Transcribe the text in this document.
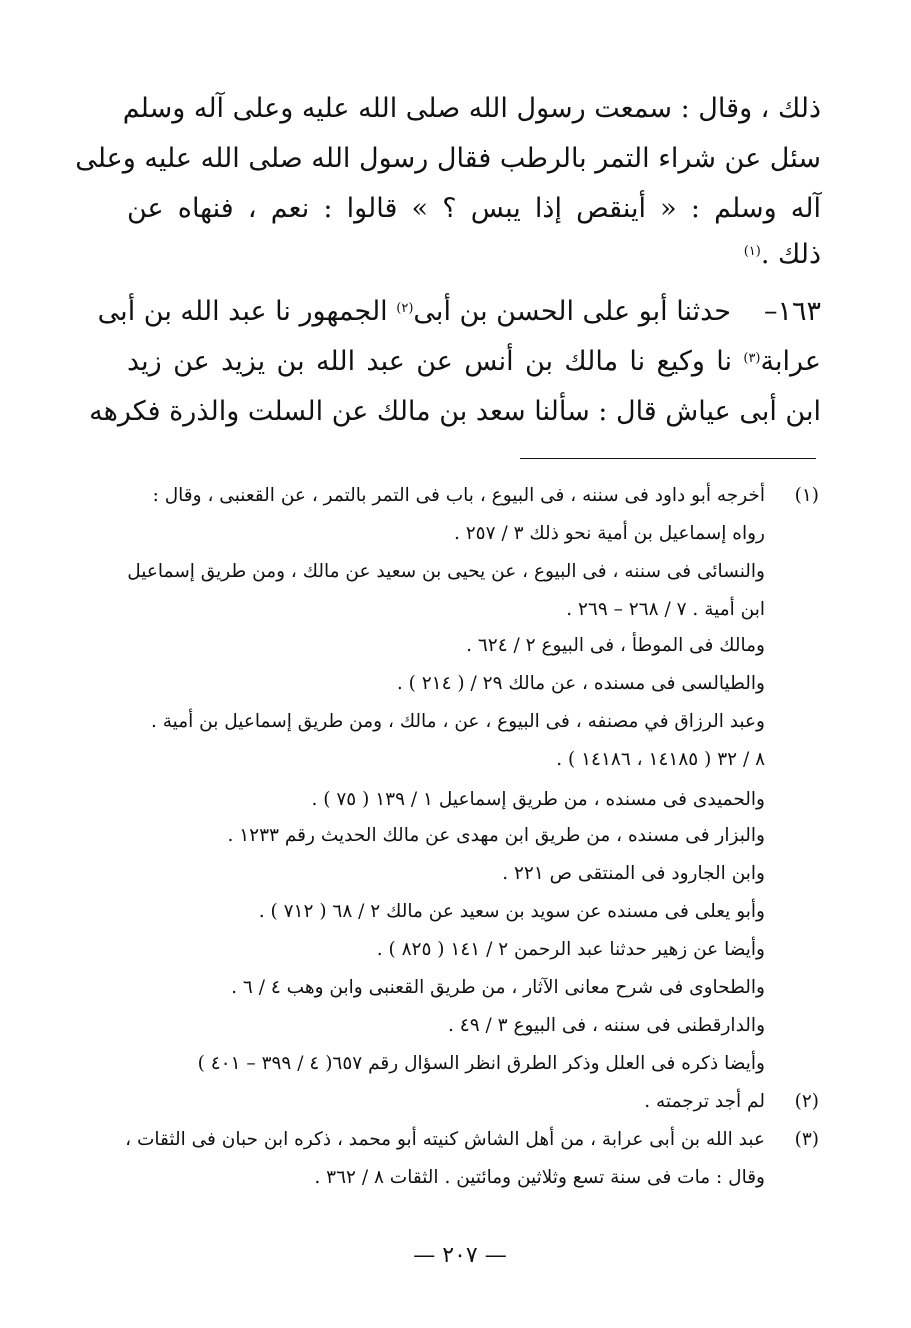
ذلك ، وقال : سمعت رسول الله صلى الله عليه وعلى آله وسلم
سئل عن شراء التمر بالرطب فقال رسول الله صلى الله عليه وعلى
آله وسلم : « أينقص إذا يبس ؟ » قالوا : نعم ، فنهاه عن
ذلك .$^{(١)}$
١٦٣–
حدثنا أبو على الحسن بن أبى$^{(٢)}$ الجمهور نا عبد الله بن أبى
عرابة$^{(٣)}$ نا وكيع نا مالك بن أنس عن عبد الله بن يزيد عن زيد
ابن أبى عياش قال : سألنا سعد بن مالك عن السلت والذرة فكرهه
(١)
أخرجه أبو داود فى سننه ، فى البيوع ، باب فى التمر بالتمر ، عن القعنبى ، وقال :
رواه إسماعيل بن أمية نحو ذلك ٣ / ٢٥٧ .
والنسائى فى سننه ، فى البيوع ، عن يحيى بن سعيد عن مالك ، ومن طريق إسماعيل
ابن أمية . ٧ / ٢٦٨ – ٢٦٩ .
ومالك فى الموطأ ، فى البيوع ٢ / ٦٢٤ .
والطيالسى فى مسنده ، عن مالك ٢٩ / ( ٢١٤ ) .
وعبد الرزاق في مصنفه ، فى البيوع ، عن ، مالك ، ومن طريق إسماعيل بن أمية .
٨ / ٣٢ ( ١٤١٨٥ ، ١٤١٨٦ ) .
والحميدى فى مسنده ، من طريق إسماعيل ١ / ١٣٩ ( ٧٥ ) .
والبزار فى مسنده ، من طريق ابن مهدى عن مالك الحديث رقم ١٢٣٣ .
وابن الجارود فى المنتقى ص ٢٢١ .
وأبو يعلى فى مسنده عن سويد بن سعيد عن مالك ٢ / ٦٨ ( ٧١٢ ) .
وأيضا عن زهير حدثنا عبد الرحمن ٢ / ١٤١ ( ٨٢٥ ) .
والطحاوى فى شرح معانى الآثار ، من طريق القعنبى وابن وهب ٤ / ٦ .
والدارقطنى فى سننه ، فى البيوع ٣ / ٤٩ .
وأيضا ذكره فى العلل وذكر الطرق انظر السؤال رقم ٦٥٧( ٤ / ٣٩٩ – ٤٠١ )
(٢)
لم أجد ترجمته .
(٣)
عبد الله بن أبى عرابة ، من أهل الشاش كنيته أبو محمد ، ذكره ابن حبان فى الثقات ،
وقال : مات فى سنة تسع وثلاثين ومائتين . الثقات ٨ / ٣٦٢ .
— ٢٠٧ —
